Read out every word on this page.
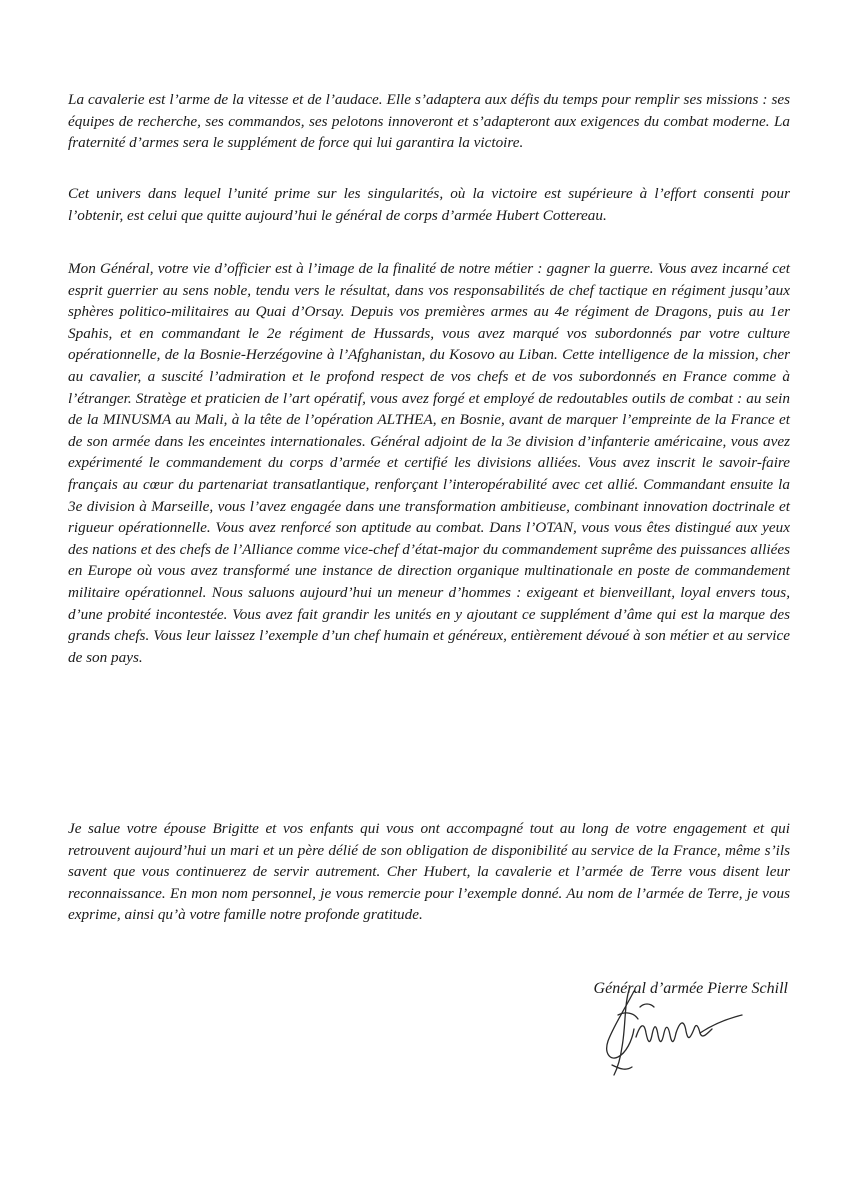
La cavalerie est l’arme de la vitesse et de l’audace. Elle s’adaptera aux défis du temps pour remplir ses missions : ses équipes de recherche, ses commandos, ses pelotons innoveront et s’adapteront aux exigences du combat moderne. La fraternité d’armes sera le supplément de force qui lui garantira la victoire.

Cet univers dans lequel l’unité prime sur les singularités, où la victoire est supérieure à l’effort consenti pour l’obtenir, est celui que quitte aujourd’hui le général de corps d’armée Hubert Cottereau.

Mon Général, votre vie d’officier est à l’image de la finalité de notre métier : gagner la guerre. Vous avez incarné cet esprit guerrier au sens noble, tendu vers le résultat, dans vos responsabilités de chef tactique en régiment jusqu’aux sphères politico-militaires au Quai d’Orsay. Depuis vos premières armes au 4e régiment de Dragons, puis au 1er Spahis, et en commandant le 2e régiment de Hussards, vous avez marqué vos subordonnés par votre culture opérationnelle, de la Bosnie-Herzégovine à l’Afghanistan, du Kosovo au Liban. Cette intelligence de la mission, cher au cavalier, a suscité l’admiration et le profond respect de vos chefs et de vos subordonnés en France comme à l’étranger. Stratège et praticien de l’art opératif, vous avez forgé et employé de redoutables outils de combat : au sein de la MINUSMA au Mali, à la tête de l’opération ALTHEA, en Bosnie, avant de marquer l’empreinte de la France et de son armée dans les enceintes internationales. Général adjoint de la 3e division d’infanterie américaine, vous avez expérimenté le commandement du corps d’armée et certifié les divisions alliées. Vous avez inscrit le savoir-faire français au cœur du partenariat transatlantique, renforçant l’interopérabilité avec cet allié. Commandant ensuite la 3e division à Marseille, vous l’avez engagée dans une transformation ambitieuse, combinant innovation doctrinale et rigueur opérationnelle. Vous avez renforcé son aptitude au combat. Dans l’OTAN, vous vous êtes distingué aux yeux des nations et des chefs de l’Alliance comme vice-chef d’état-major du commandement suprême des puissances alliées en Europe où vous avez transformé une instance de direction organique multinationale en poste de commandement militaire opérationnel. Nous saluons aujourd’hui un meneur d’hommes : exigeant et bienveillant, loyal envers tous, d’une probité incontestée. Vous avez fait grandir les unités en y ajoutant ce supplément d’âme qui est la marque des grands chefs. Vous leur laissez l’exemple d’un chef humain et généreux, entièrement dévoué à son métier et au service de son pays.

Je salue votre épouse Brigitte et vos enfants qui vous ont accompagné tout au long de votre engagement et qui retrouvent aujourd’hui un mari et un père délié de son obligation de disponibilité au service de la France, même s’ils savent que vous continuerez de servir autrement. Cher Hubert, la cavalerie et l’armée de Terre vous disent leur reconnaissance. En mon nom personnel, je vous remercie pour l’exemple donné. Au nom de l’armée de Terre, je vous exprime, ainsi qu’à votre famille notre profonde gratitude.

Général d’armée Pierre Schill
